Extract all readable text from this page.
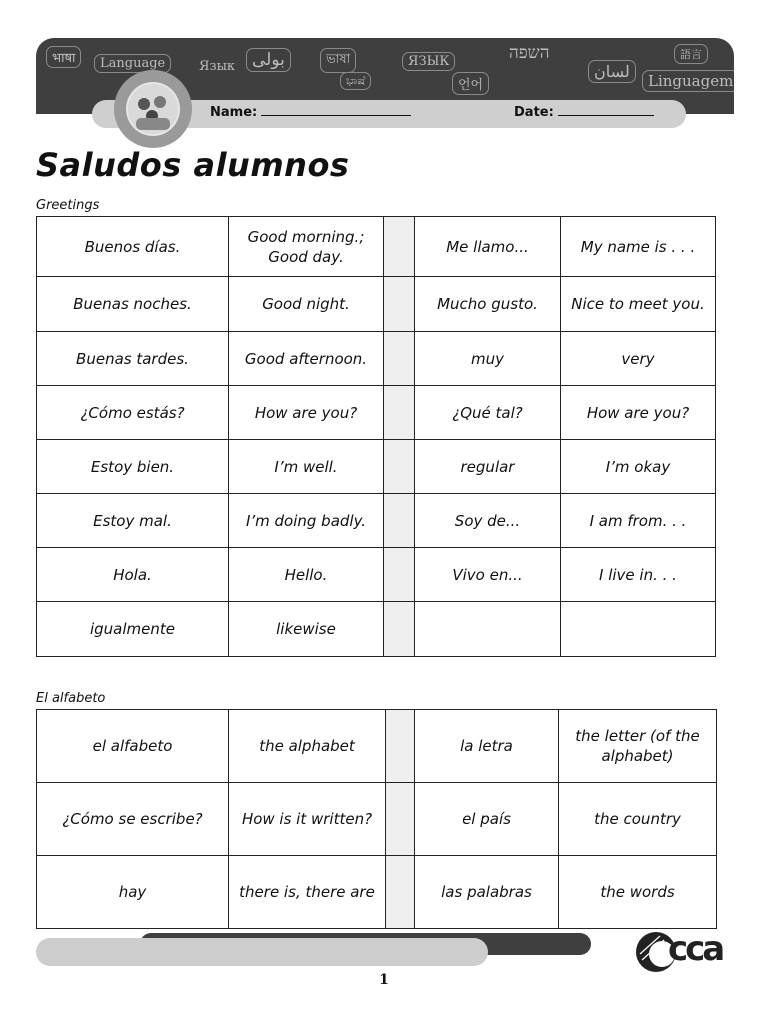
भाषा	Language	Язык بولی	ভাষা
ಭಾಷೆ
ЯЗЫК
언어
השפה
لسان	Linguagem
語言
Name:	Date:
Saludos alumnos
Greetings
Buenos días.	Good morning.; Good day.		Me llamo...	My name is . . .
Buenas noches.	Good night.		Mucho gusto.	Nice to meet you.
Buenas tardes.	Good afternoon.		muy	very
¿Cómo estás?	How are you?		¿Qué tal?	How are you?
Estoy bien.	I’m well.		regular	I’m okay
Estoy mal.	I’m doing badly.		Soy de...	I am from. . .
Hola.	Hello.		Vivo en...	I live in. . .
igualmente	likewise			
El alfabeto
el alfabeto	the alphabet		la letra	the letter (of the alphabet)
¿Cómo se escribe?	How is it written?		el país	the country
hay	there is, there are		las palabras	the words
1
cca
